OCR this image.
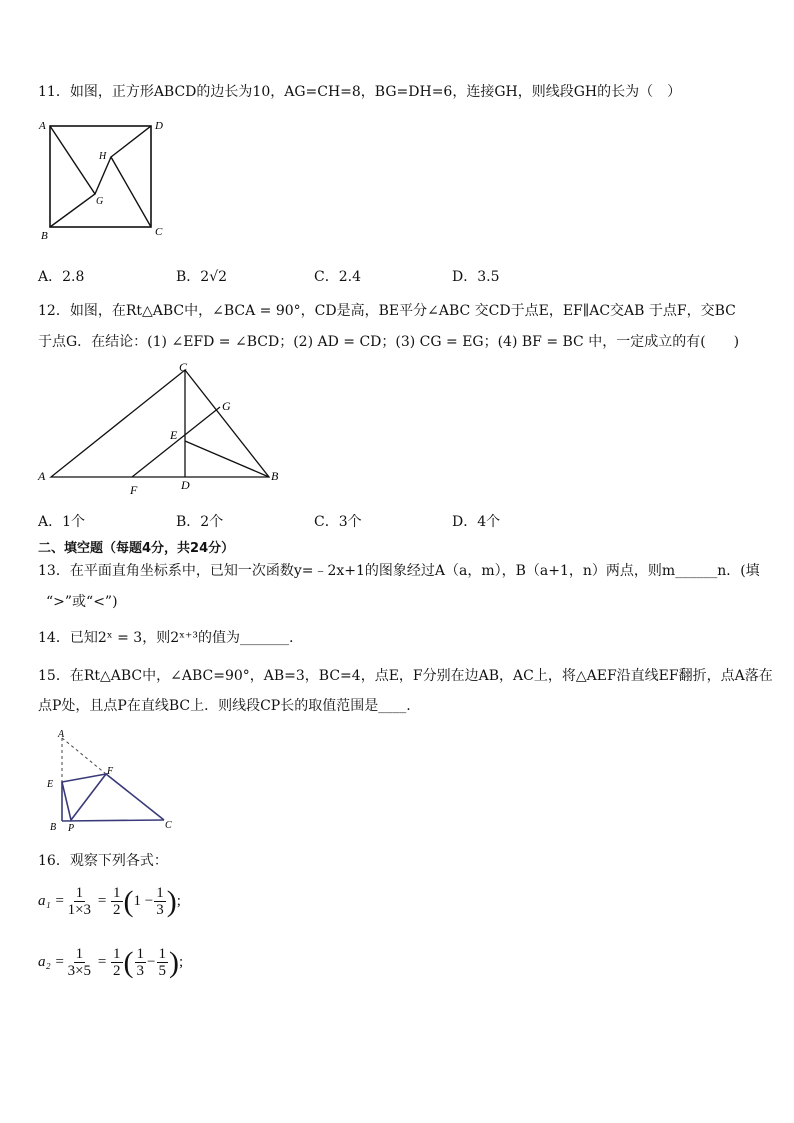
11．如图，正方形ABCD的边长为10，AG=CH=8，BG=DH=6，连接GH，则线段GH的长为（　）
A	D
B	C
H
G
A．2.8	B．2√2	C．2.4	D．3.5
12．如图，在Rt△ABC中，∠BCA = 90°，CD是高，BE平分∠ABC 交CD于点E，EF∥AC交AB 于点F，交BC
于点G．在结论：(1) ∠EFD = ∠BCD；(2) AD = CD；(3) CG = EG；(4) BF = BC 中，一定成立的有(　　)
C
G
E
A	B
F	D
A．1个	B．2个	C．3个	D．4个
二、填空题（每题4分，共24分）
13．在平面直角坐标系中，已知一次函数y=﹣2x+1的图象经过A（a，m），B（a+1，n）两点，则m______n．(填
“>”或“<”)
14．已知2ˣ = 3，则2ˣ⁺³的值为_______.
15．在Rt△ABC中，∠ABC=90°，AB=3，BC=4，点E，F分别在边AB，AC上，将△AEF沿直线EF翻折，点A落在
点P处，且点P在直线BC上．则线段CP长的取值范围是____.
A
E
F
B P	C
16．观察下列各式：
$a_1 = \frac{1}{1\times 3} = \frac{1}{2}$ ( $1 - \frac{1}{3}$ ) ;
$a_2 = \frac{1}{3\times 5} = \frac{1}{2}$ ( $\frac{1}{3} - \frac{1}{5}$ ) ;
